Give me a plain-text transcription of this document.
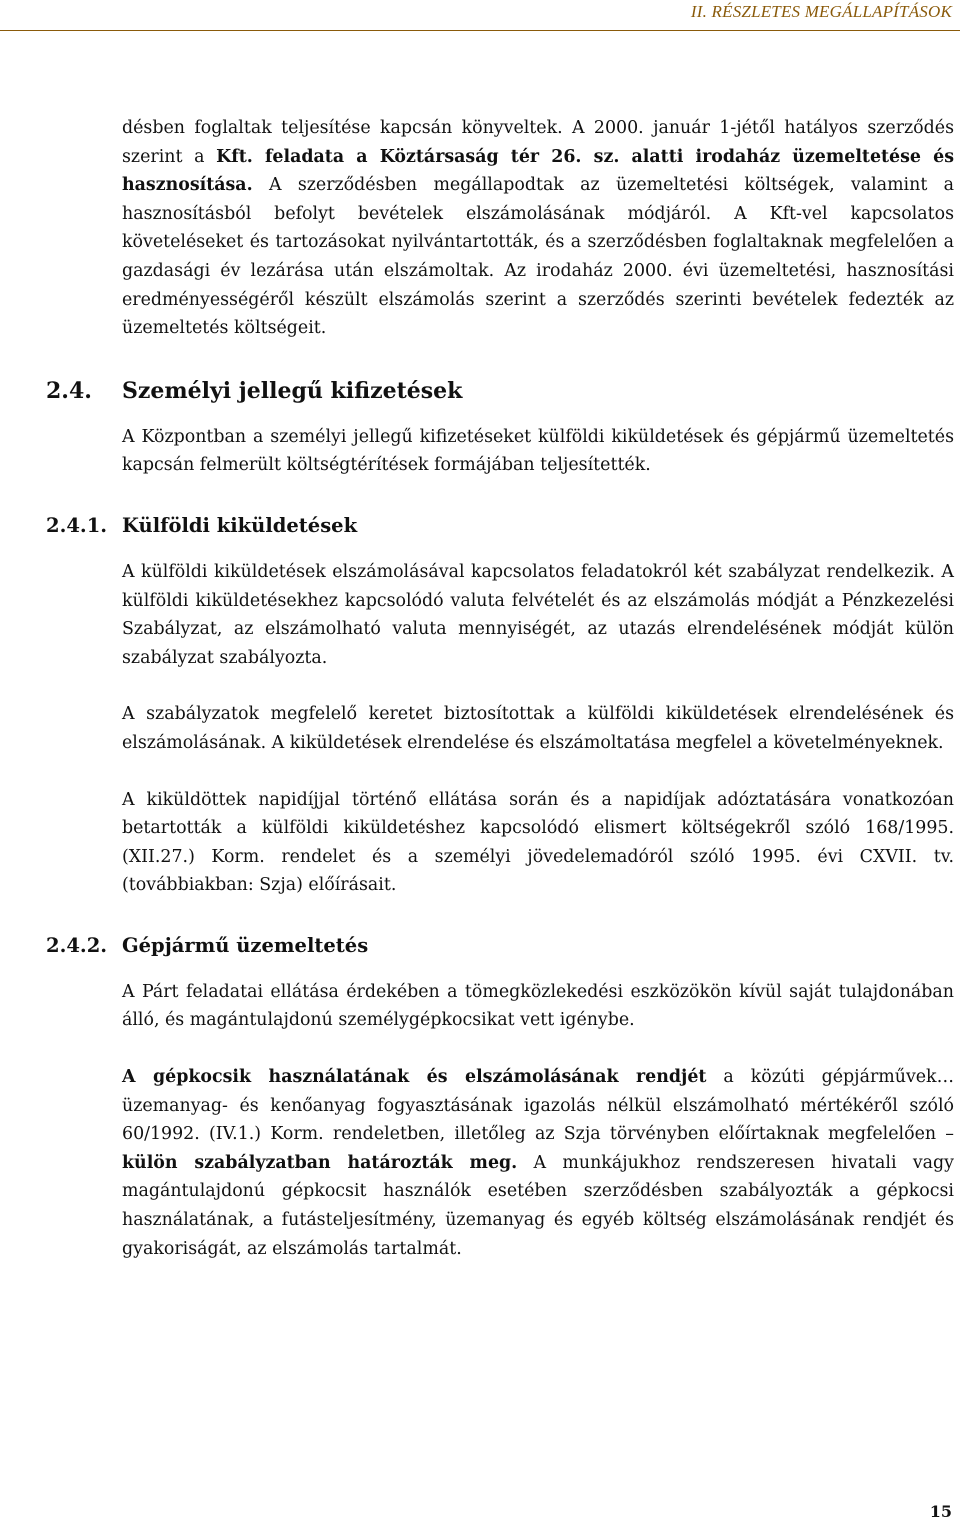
II. RÉSZLETES MEGÁLLAPÍTÁSOK

désben foglaltak teljesítése kapcsán könyveltek. A 2000. január 1-jétől hatályos szerződés szerint a Kft. feladata a Köztársaság tér 26. sz. alatti irodaház üzemeltetése és hasznosítása. A szerződésben megállapodtak az üzemeltetési költségek, valamint a hasznosításból befolyt bevételek elszámolásának módjáról. A Kft-vel kapcsolatos követeléseket és tartozásokat nyilvántartották, és a szerződésben foglaltaknak megfelelően a gazdasági év lezárása után elszámoltak. Az irodaház 2000. évi üzemeltetési, hasznosítási eredményességéről készült elszámolás szerint a szerződés szerinti bevételek fedezték az üzemeltetés költségeit.

2.4.	Személyi jellegű kifizetések

A Központban a személyi jellegű kifizetéseket külföldi kiküldetések és gépjármű üzemeltetés kapcsán felmerült költségtérítések formájában teljesítették.

2.4.1. Külföldi kiküldetések

A külföldi kiküldetések elszámolásával kapcsolatos feladatokról két szabályzat rendelkezik. A külföldi kiküldetésekhez kapcsolódó valuta felvételét és az elszámolás módját a Pénzkezelési Szabályzat, az elszámolható valuta mennyiségét, az utazás elrendelésének módját külön szabályzat szabályozta.

A szabályzatok megfelelő keretet biztosítottak a külföldi kiküldetések elrendelésének és elszámolásának. A kiküldetések elrendelése és elszámoltatása megfelel a követelményeknek.

A kiküldöttek napidíjjal történő ellátása során és a napidíjak adóztatására vonatkozóan betartották a külföldi kiküldetéshez kapcsolódó elismert költségekről szóló 168/1995. (XII.27.) Korm. rendelet és a személyi jövedelemadóról szóló 1995. évi CXVII. tv. (továbbiakban: Szja) előírásait.

2.4.2. Gépjármű üzemeltetés

A Párt feladatai ellátása érdekében a tömegközlekedési eszközökön kívül saját tulajdonában álló, és magántulajdonú személygépkocsikat vett igénybe.

A gépkocsik használatának és elszámolásának rendjét a közúti gépjárművek… üzemanyag- és kenőanyag fogyasztásának igazolás nélkül elszámolható mértékéről szóló 60/1992. (IV.1.) Korm. rendeletben, illetőleg az Szja törvényben előírtaknak megfelelően – külön szabályzatban határozták meg. A munkájukhoz rendszeresen hivatali vagy magántulajdonú gépkocsit használók esetében szerződésben szabályozták a gépkocsi használatának, a futásteljesítmény, üzemanyag és egyéb költség elszámolásának rendjét és gyakoriságát, az elszámolás tartalmát.

15
